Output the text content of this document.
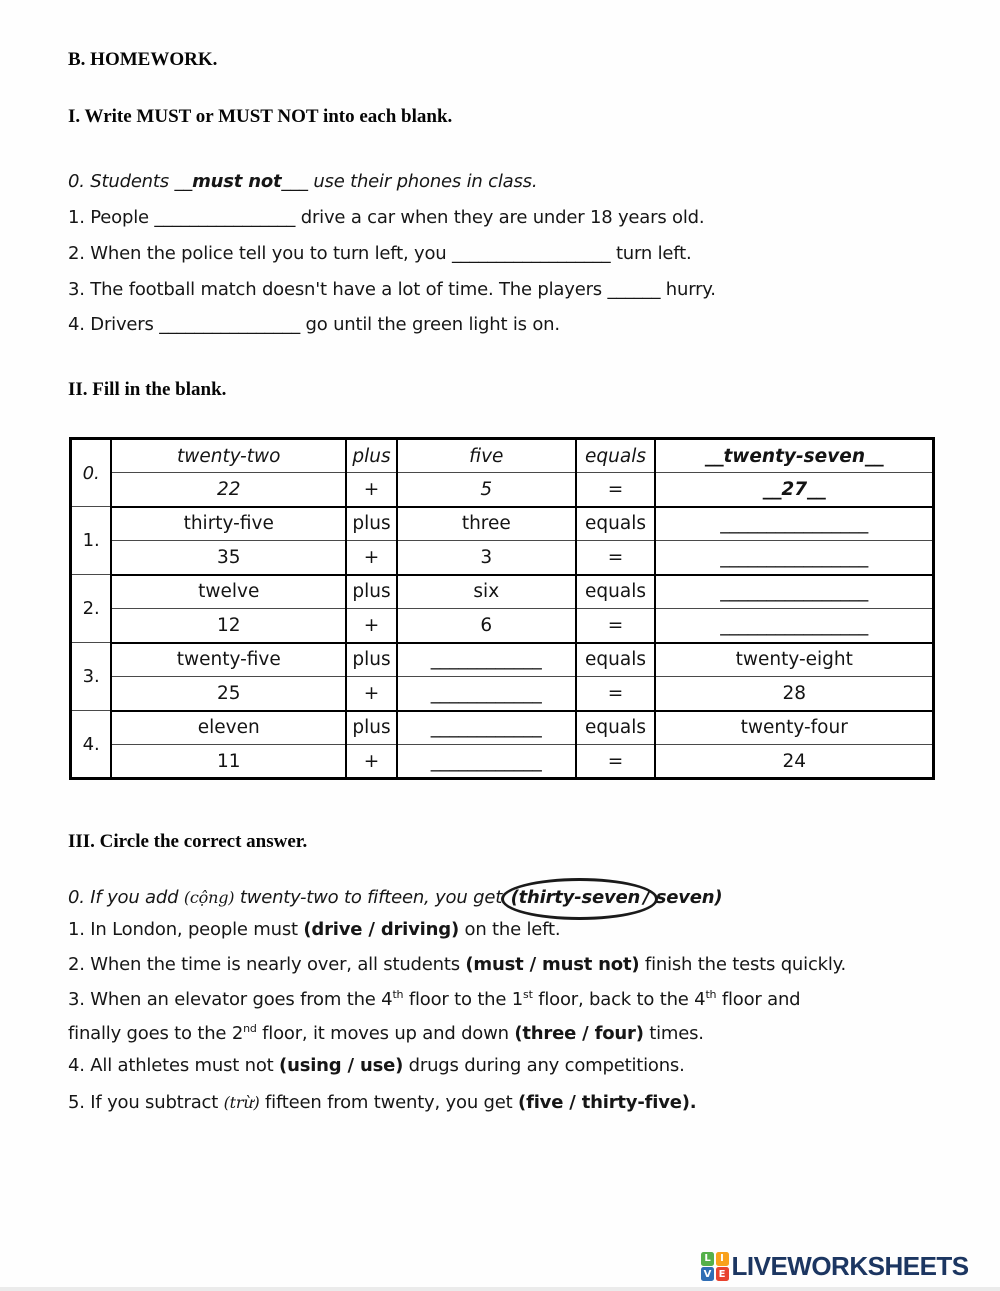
B. HOMEWORK.
I. Write MUST or MUST NOT into each blank.
0. Students __must not___ use their phones in class.
1. People ________________ drive a car when they are under 18 years old.
2. When the police tell you to turn left, you __________________ turn left.
3. The football match doesn't have a lot of time. The players ______ hurry.
4. Drivers ________________ go until the green light is on.
II. Fill in the blank.
0.	twenty-two	plus	five	equals	__twenty-seven__
	22	+	5	=	__27__
1.	thirty-five	plus	three	equals	________________
	35	+	3	=	________________
2.	twelve	plus	six	equals	________________
	12	+	6	=	________________
3.	twenty-five	plus	____________	equals	twenty-eight
	25	+	____________	=	28
4.	eleven	plus	____________	equals	twenty-four
	11	+	____________	=	24
III. Circle the correct answer.
0. If you add (cộng) twenty-two to fifteen, you get (thirty-seven / seven)
1. In London, people must (drive / driving) on the left.
2. When the time is nearly over, all students (must / must not) finish the tests quickly.
3. When an elevator goes from the 4th floor to the 1st floor, back to the 4th floor and
finally goes to the 2nd floor, it moves up and down (three / four) times.
4. All athletes must not (using / use) drugs during any competitions.
5. If you subtract (trừ) fifteen from twenty, you get (five / thirty-five).
L I
V E LIVEWORKSHEETS
